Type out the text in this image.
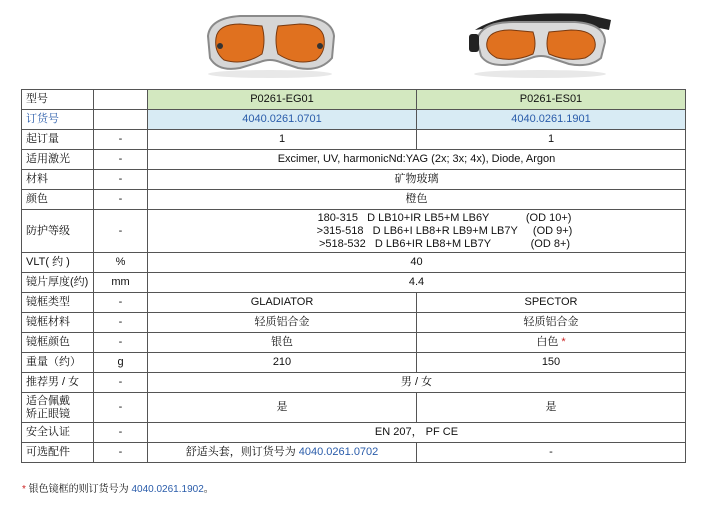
型号		P0261-EG01	P0261-ES01
订货号		4040.0261.0701	4040.0261.1901
起订量	-	1	1
适用激光	-	Excimer, UV, harmonicNd:YAG (2x; 3x; 4x), Diode, Argon	
材料	-	矿物玻璃	
颜色	-	橙色	
防护等级	-	180-315   D LB10+IR LB5+M LB6Y            (OD 10+)
>315-518   D LB6+I LB8+R LB9+M LB7Y     (OD 9+)
>518-532   D LB6+IR LB8+M LB7Y             (OD 8+)	
VLT( 约 )	%	40	
镜片厚度(约)	mm	4.4	
镜框类型	-	GLADIATOR	SPECTOR
镜框材料	-	轻质铝合金	轻质铝合金
镜框颜色	-	银色	白色 *
重量（约）	g	210	150
推荐男 / 女	-	男 / 女	
适合佩戴
矫正眼镜	-	是	是
安全认证	-	EN 207， PF CE	
可选配件	-	舒适头套，则订货号为 4040.0261.0702	-
* 银色镜框的则订货号为 4040.0261.1902。
